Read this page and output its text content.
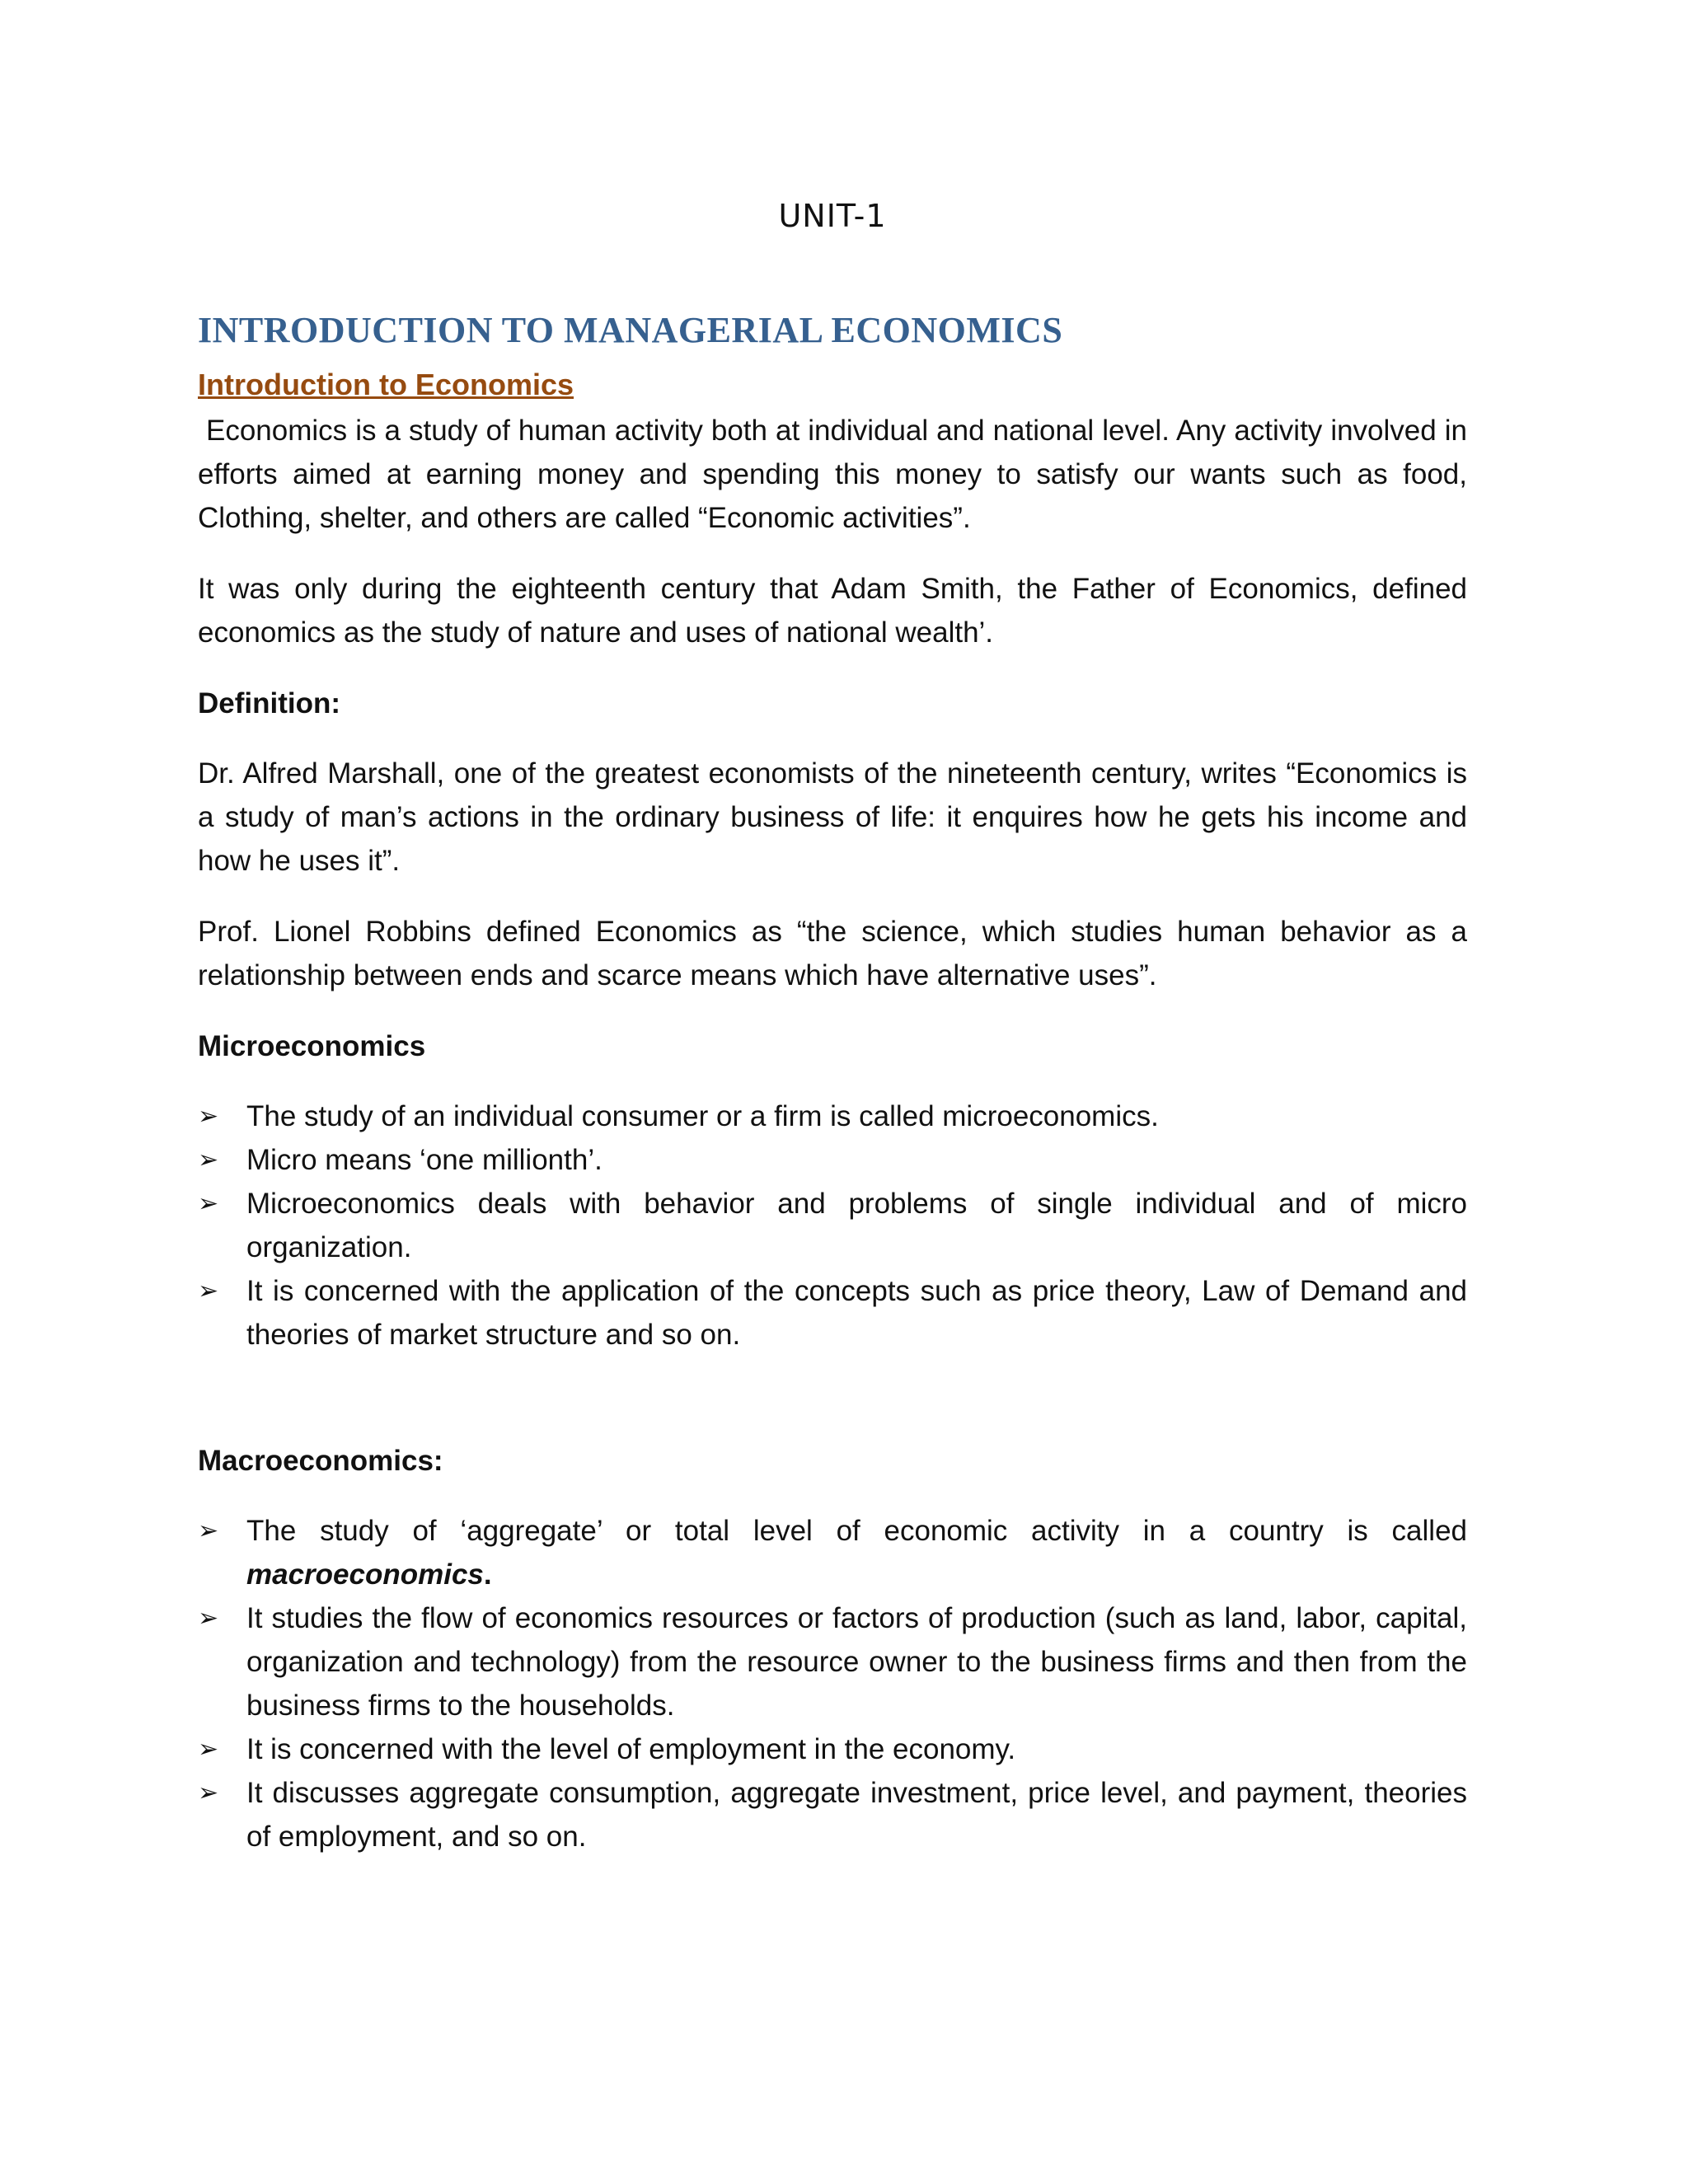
UNIT-1
INTRODUCTION TO MANAGERIAL ECONOMICS
Introduction to Economics

Economics is a study of human activity both at individual and national level. Any activity involved in efforts aimed at earning money and spending this money to satisfy our wants such as food, Clothing, shelter, and others are called “Economic activities”.

It was only during the eighteenth century that Adam Smith, the Father of Economics, defined economics as the study of nature and uses of national wealth’.

Definition:

Dr. Alfred Marshall, one of the greatest economists of the nineteenth century, writes “Economics is a study of man’s actions in the ordinary business of life: it enquires how he gets his income and how he uses it”.

Prof. Lionel Robbins defined Economics as “the science, which studies human behavior as a relationship between ends and scarce means which have alternative uses”.

Microeconomics
➢ The study of an individual consumer or a firm is called microeconomics.
➢ Micro means ‘one millionth’.
➢ Microeconomics deals with behavior and problems of single individual and of micro organization.
➢ It is concerned with the application of the concepts such as price theory, Law of Demand and theories of market structure and so on.
Macroeconomics:
➢ The study of ‘aggregate’ or total level of economic activity in a country is called macroeconomics.
➢ It studies the flow of economics resources or factors of production (such as land, labor, capital, organization and technology) from the resource owner to the business firms and then from the business firms to the households.
➢ It is concerned with the level of employment in the economy.
➢ It discusses aggregate consumption, aggregate investment, price level, and payment, theories of employment, and so on.
